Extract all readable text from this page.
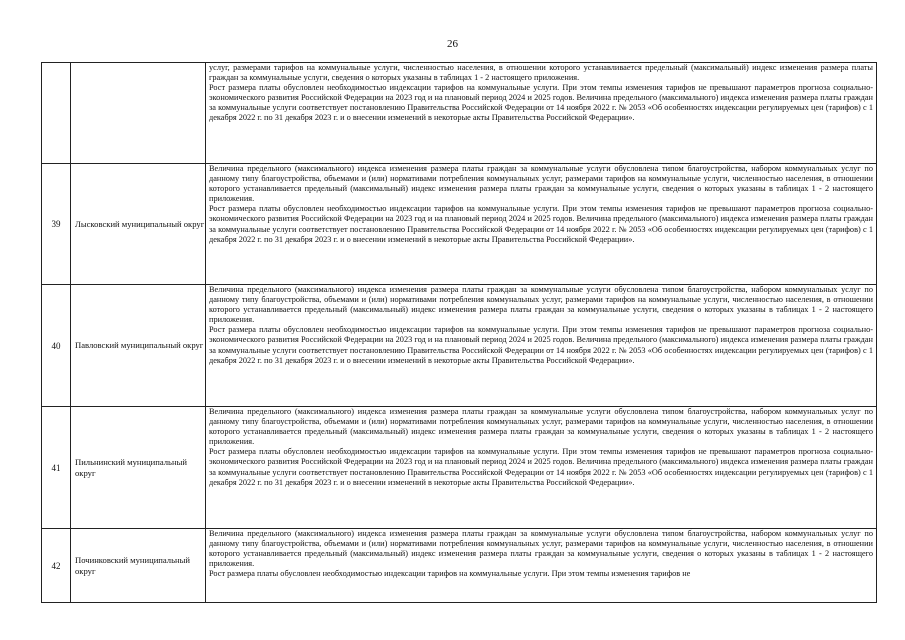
26

		услуг, размерами тарифов на коммунальные услуги, численностью населения, в отношении которого устанавливается предельный (максимальный) индекс изменения размера платы граждан за коммунальные услуги, сведения о которых указаны в таблицах 1 - 2 настоящего приложения.

Рост размера платы обусловлен необходимостью индексации тарифов на коммунальные услуги. При этом темпы изменения тарифов не превышают параметров прогноза социально-экономического развития Российской Федерации на 2023 год и на плановый период 2024 и 2025 годов. Величина предельного (максимального) индекса изменения размера платы граждан за коммунальные услуги соответствует постановлению Правительства Российской Федерации от 14 ноября 2022 г. № 2053 «Об особенностях индексации регулируемых цен (тарифов) с 1 декабря 2022 г. по 31 декабря 2023 г. и о внесении изменений в некоторые акты Правительства Российской Федерации».

39	Лысковский муниципальный округ	Величина предельного (максимального) индекса изменения размера платы граждан за коммунальные услуги обусловлена типом благоустройства, набором коммунальных услуг по данному типу благоустройства, объемами и (или) нормативами потребления коммунальных услуг, размерами тарифов на коммунальные услуги, численностью населения, в отношении которого устанавливается предельный (максимальный) индекс изменения размера платы граждан за коммунальные услуги, сведения о которых указаны в таблицах 1 - 2 настоящего приложения.

Рост размера платы обусловлен необходимостью индексации тарифов на коммунальные услуги. При этом темпы изменения тарифов не превышают параметров прогноза социально-экономического развития Российской Федерации на 2023 год и на плановый период 2024 и 2025 годов. Величина предельного (максимального) индекса изменения размера платы граждан за коммунальные услуги соответствует постановлению Правительства Российской Федерации от 14 ноября 2022 г. № 2053 «Об особенностях индексации регулируемых цен (тарифов) с 1 декабря 2022 г. по 31 декабря 2023 г. и о внесении изменений в некоторые акты Правительства Российской Федерации».

40	Павловский муниципальный округ	Величина предельного (максимального) индекса изменения размера платы граждан за коммунальные услуги обусловлена типом благоустройства, набором коммунальных услуг по данному типу благоустройства, объемами и (или) нормативами потребления коммунальных услуг, размерами тарифов на коммунальные услуги, численностью населения, в отношении которого устанавливается предельный (максимальный) индекс изменения размера платы граждан за коммунальные услуги, сведения о которых указаны в таблицах 1 - 2 настоящего приложения.

Рост размера платы обусловлен необходимостью индексации тарифов на коммунальные услуги. При этом темпы изменения тарифов не превышают параметров прогноза социально-экономического развития Российской Федерации на 2023 год и на плановый период 2024 и 2025 годов. Величина предельного (максимального) индекса изменения размера платы граждан за коммунальные услуги соответствует постановлению Правительства Российской Федерации от 14 ноября 2022 г. № 2053 «Об особенностях индексации регулируемых цен (тарифов) с 1 декабря 2022 г. по 31 декабря 2023 г. и о внесении изменений в некоторые акты Правительства Российской Федерации».

41	Пильнинский муниципальный округ	Величина предельного (максимального) индекса изменения размера платы граждан за коммунальные услуги обусловлена типом благоустройства, набором коммунальных услуг по данному типу благоустройства, объемами и (или) нормативами потребления коммунальных услуг, размерами тарифов на коммунальные услуги, численностью населения, в отношении которого устанавливается предельный (максимальный) индекс изменения размера платы граждан за коммунальные услуги, сведения о которых указаны в таблицах 1 - 2 настоящего приложения.

Рост размера платы обусловлен необходимостью индексации тарифов на коммунальные услуги. При этом темпы изменения тарифов не превышают параметров прогноза социально-экономического развития Российской Федерации на 2023 год и на плановый период 2024 и 2025 годов. Величина предельного (максимального) индекса изменения размера платы граждан за коммунальные услуги соответствует постановлению Правительства Российской Федерации от 14 ноября 2022 г. № 2053 «Об особенностях индексации регулируемых цен (тарифов) с 1 декабря 2022 г. по 31 декабря 2023 г. и о внесении изменений в некоторые акты Правительства Российской Федерации».

42	Починковский муниципальный округ	Величина предельного (максимального) индекса изменения размера платы граждан за коммунальные услуги обусловлена типом благоустройства, набором коммунальных услуг по данному типу благоустройства, объемами и (или) нормативами потребления коммунальных услуг, размерами тарифов на коммунальные услуги, численностью населения, в отношении которого устанавливается предельный (максимальный) индекс изменения размера платы граждан за коммунальные услуги, сведения о которых указаны в таблицах 1 - 2 настоящего приложения.

Рост размера платы обусловлен необходимостью индексации тарифов на коммунальные услуги. При этом темпы изменения тарифов не
